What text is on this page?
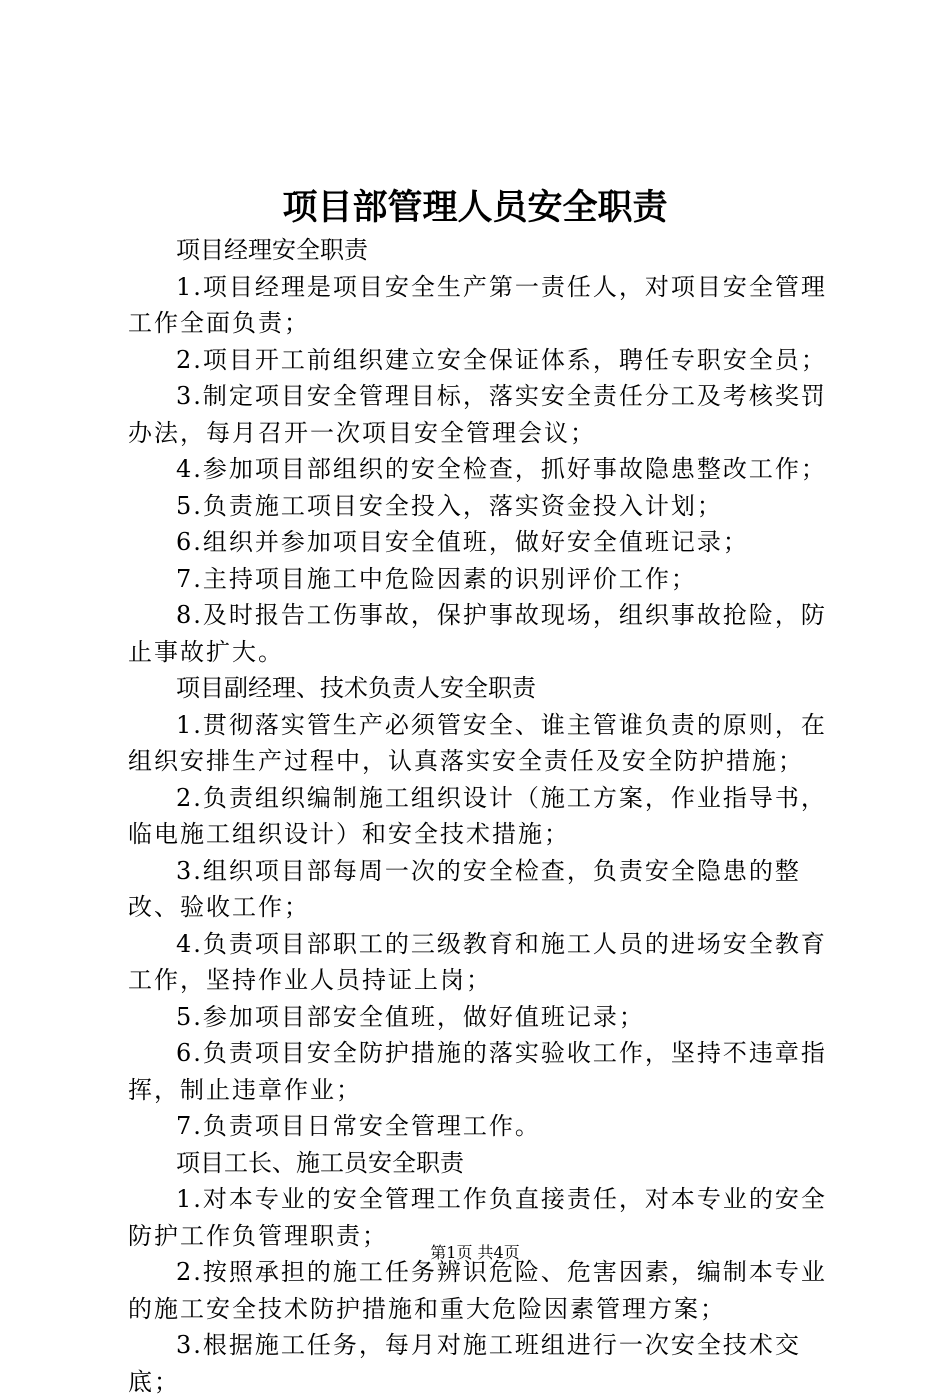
项目部管理人员安全职责

项目经理安全职责

1.项目经理是项目安全生产第一责任人，对项目安全管理工作全面负责；

2.项目开工前组织建立安全保证体系，聘任专职安全员；

3.制定项目安全管理目标，落实安全责任分工及考核奖罚办法，每月召开一次项目安全管理会议；

4.参加项目部组织的安全检查，抓好事故隐患整改工作；

5.负责施工项目安全投入，落实资金投入计划；

6.组织并参加项目安全值班，做好安全值班记录；

7.主持项目施工中危险因素的识别评价工作；

8.及时报告工伤事故，保护事故现场，组织事故抢险，防止事故扩大。

项目副经理、技术负责人安全职责

1.贯彻落实管生产必须管安全、谁主管谁负责的原则，在组织安排生产过程中，认真落实安全责任及安全防护措施；

2.负责组织编制施工组织设计（施工方案，作业指导书，临电施工组织设计）和安全技术措施；

3.组织项目部每周一次的安全检查，负责安全隐患的整改、验收工作；

4.负责项目部职工的三级教育和施工人员的进场安全教育工作，坚持作业人员持证上岗；

5.参加项目部安全值班，做好值班记录；

6.负责项目安全防护措施的落实验收工作，坚持不违章指挥，制止违章作业；

7.负责项目日常安全管理工作。

项目工长、施工员安全职责

1.对本专业的安全管理工作负直接责任，对本专业的安全防护工作负管理职责；

2.按照承担的施工任务辨识危险、危害因素，编制本专业的施工安全技术防护措施和重大危险因素管理方案；

3.根据施工任务，每月对施工班组进行一次安全技术交底；

第1页 共4页
